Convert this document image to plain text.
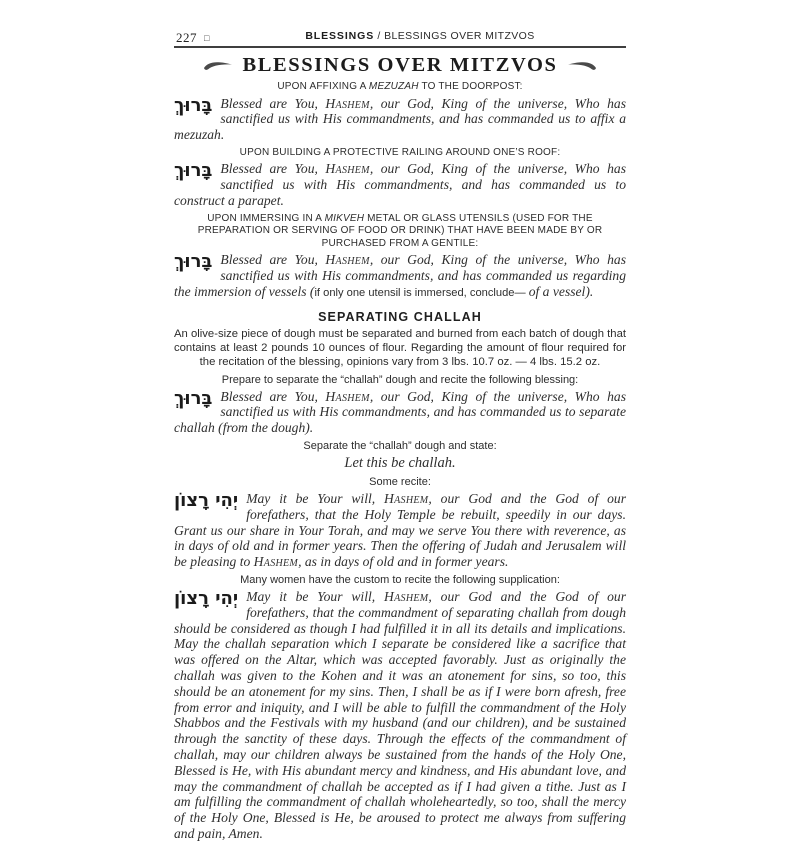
227 □	BLESSINGS / BLESSINGS OVER MITZVOS
BLESSINGS OVER MITZVOS
UPON AFFIXING A MEZUZAH TO THE DOORPOST:

בָּרוּךְ Blessed are You, Hashem, our God, King of the universe, Who has sanctified us with His commandments, and has commanded us to affix a mezuzah.

UPON BUILDING A PROTECTIVE RAILING AROUND ONE’S ROOF:

בָּרוּךְ Blessed are You, Hashem, our God, King of the universe, Who has sanctified us with His commandments, and has commanded us to construct a parapet.

UPON IMMERSING IN A MIKVEH METAL OR GLASS UTENSILS (USED FOR THE PREPARATION OR SERVING OF FOOD OR DRINK) THAT HAVE BEEN MADE BY OR PURCHASED FROM A GENTILE:

בָּרוּךְ Blessed are You, Hashem, our God, King of the universe, Who has sanctified us with His commandments, and has commanded us regarding the immersion of vessels (if only one utensil is immersed, conclude— of a vessel).

SEPARATING CHALLAH

An olive-size piece of dough must be separated and burned from each batch of dough that contains at least 2 pounds 10 ounces of flour. Regarding the amount of flour required for the recitation of the blessing, opinions vary from 3 lbs. 10.7 oz. — 4 lbs. 15.2 oz.

Prepare to separate the “challah” dough and recite the following blessing:

בָּרוּךְ Blessed are You, Hashem, our God, King of the universe, Who has sanctified us with His commandments, and has commanded us to separate challah (from the dough).

Separate the “challah” dough and state:
Let this be challah.
Some recite:

יְהִי רָצוֹן May it be Your will, Hashem, our God and the God of our forefathers, that the Holy Temple be rebuilt, speedily in our days. Grant us our share in Your Torah, and may we serve You there with reverence, as in days of old and in former years. Then the offering of Judah and Jerusalem will be pleasing to Hashem, as in days of old and in former years.

Many women have the custom to recite the following supplication:

יְהִי רָצוֹן May it be Your will, Hashem, our God and the God of our forefathers, that the commandment of separating challah from dough should be considered as though I had fulfilled it in all its details and implications. May the challah separation which I separate be considered like a sacrifice that was offered on the Altar, which was accepted favorably. Just as originally the challah was given to the Kohen and it was an atonement for sins, so too, this should be an atonement for my sins. Then, I shall be as if I were born afresh, free from error and iniquity, and I will be able to fulfill the commandment of the Holy Shabbos and the Festivals with my husband (and our children), and be sustained through the sanctity of these days. Through the effects of the commandment of challah, may our children always be sustained from the hands of the Holy One, Blessed is He, with His abundant mercy and kindness, and His abundant love, and may the commandment of challah be accepted as if I had given a tithe. Just as I am fulfilling the commandment of challah wholeheartedly, so too, shall the mercy of the Holy One, Blessed is He, be aroused to protect me always from suffering and pain, Amen.
